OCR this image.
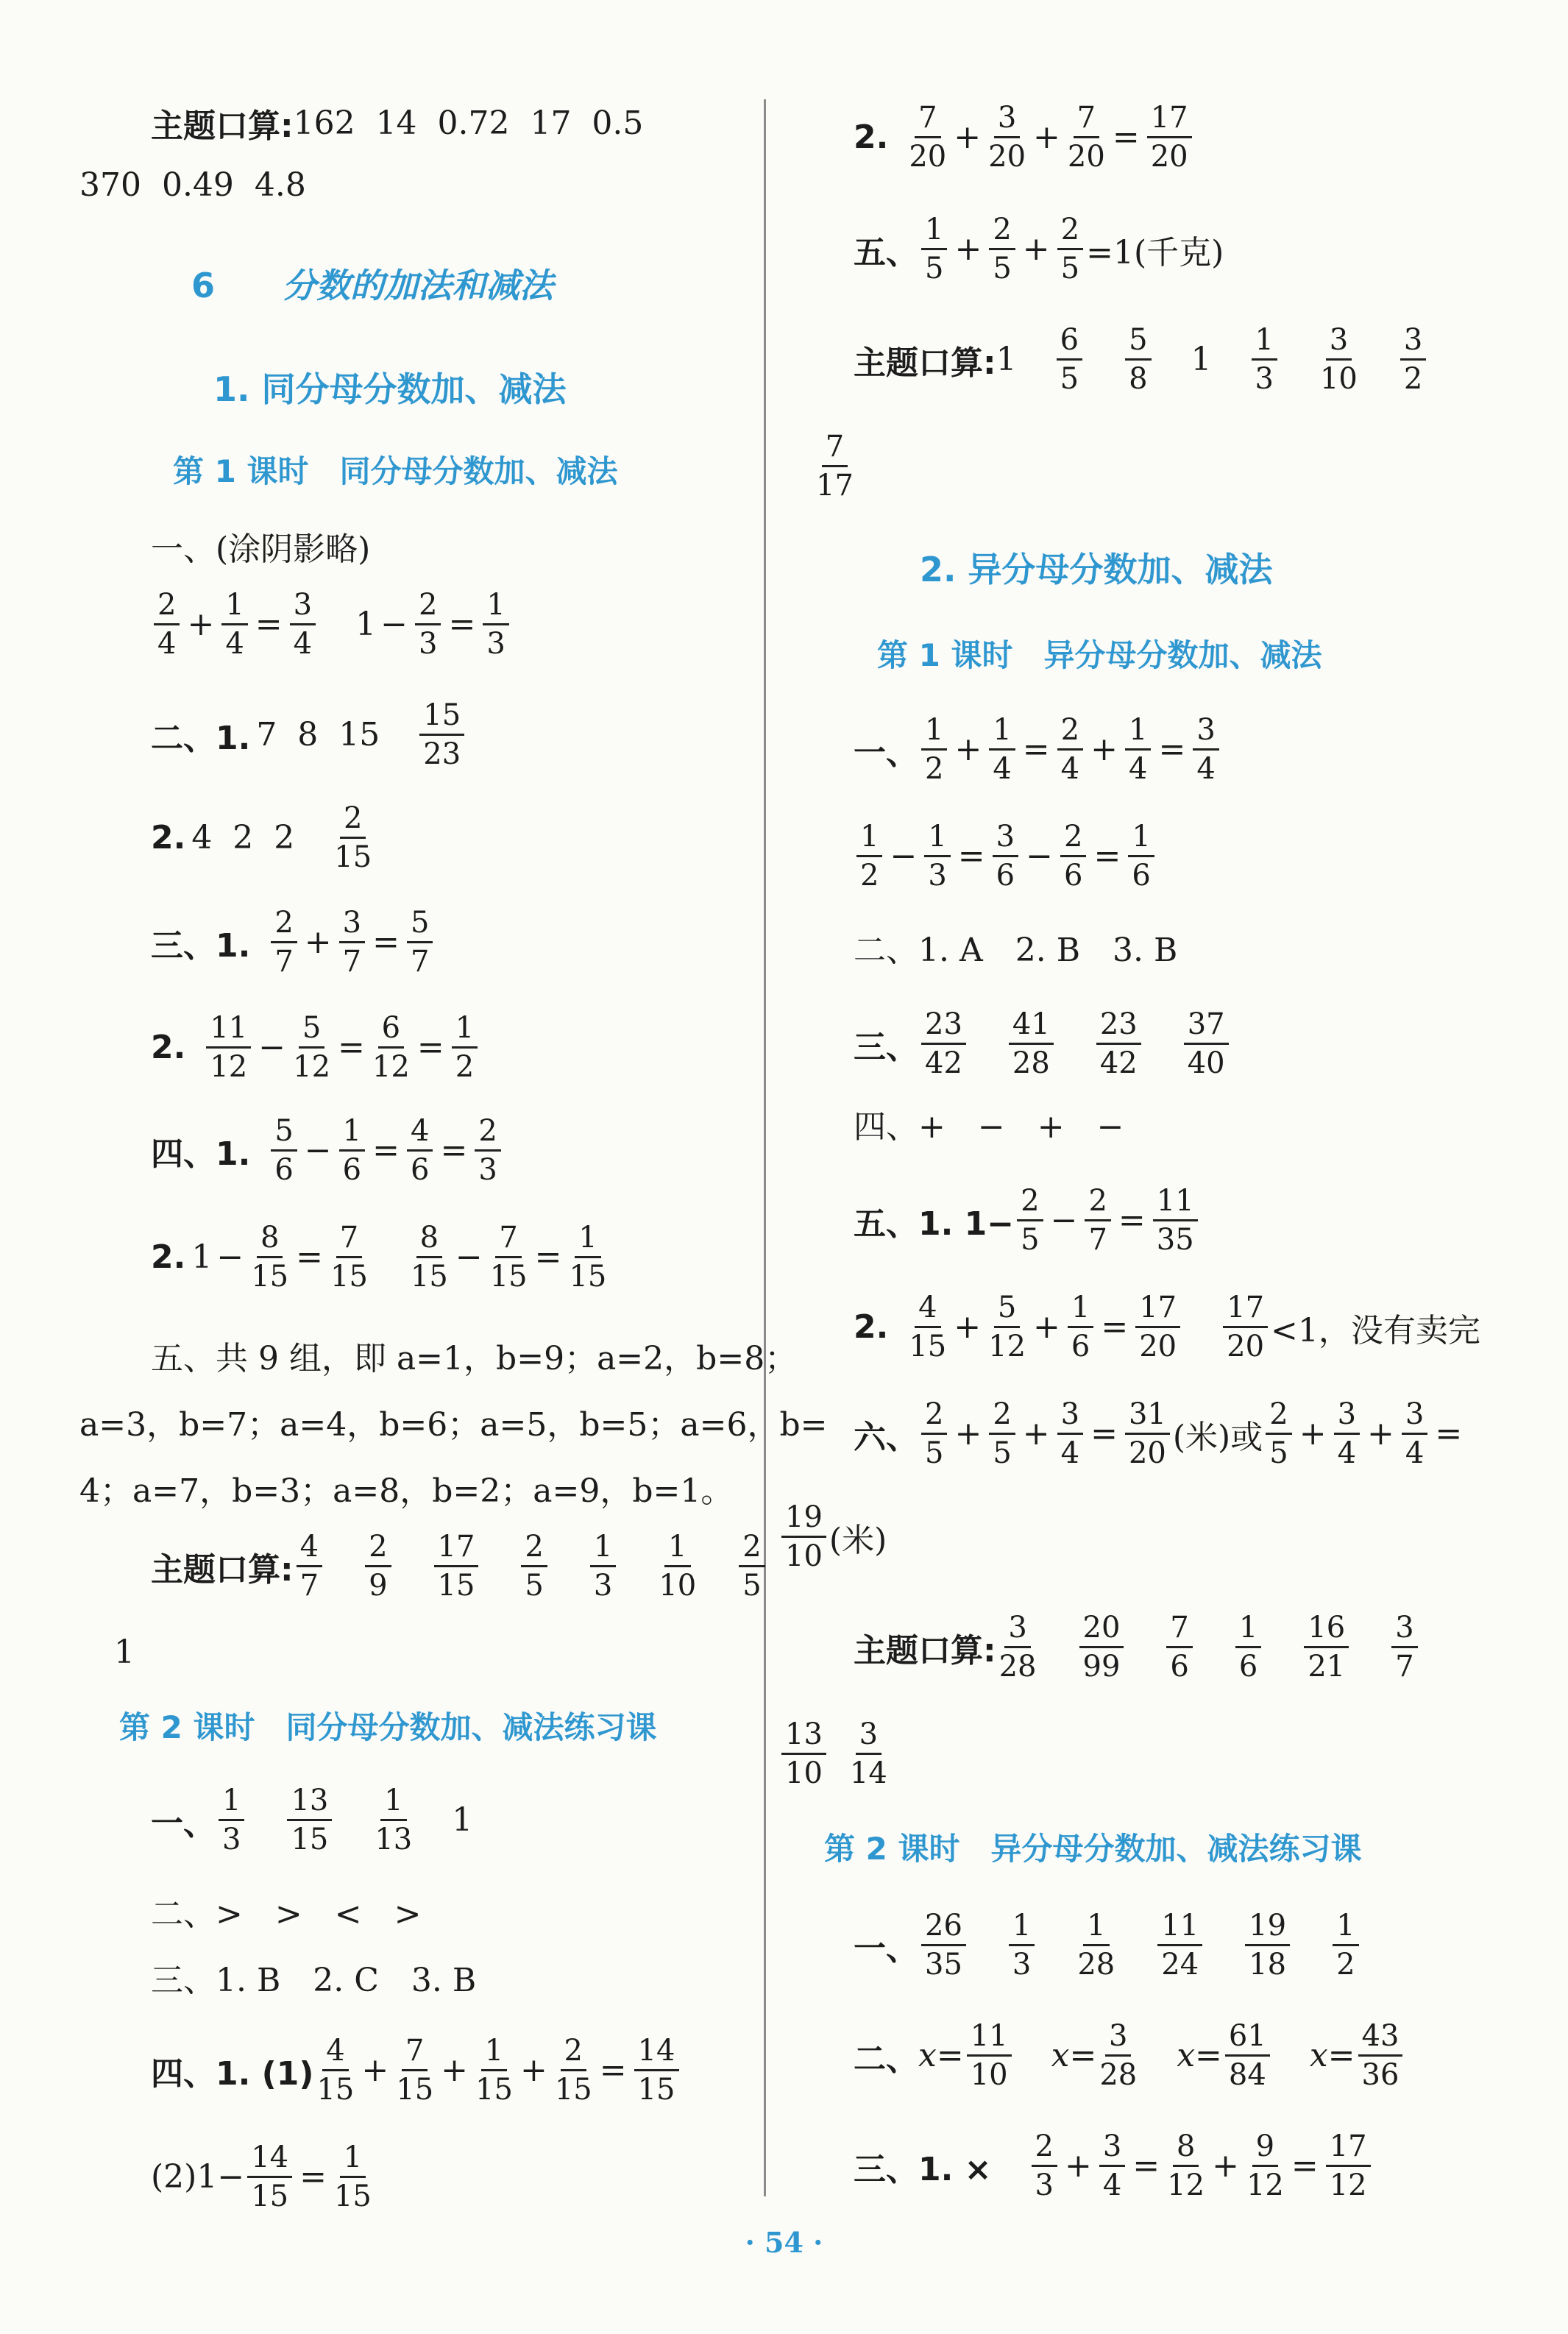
主题口算: 162  14  0.72  17  0.5
370  0.49  4.8
6　　 分数的加法和减法
1. 同分母分数加、减法
第 1 课时　同分母分数加、减法
一、(涂阴影略)
2
4
+ $\frac{1}{4} = \frac{3}{4} 1 - \frac{2}{3} = \frac{1}{3}$
二、1. 7  8  15
15
23
2. 4  2  2
2
15
三、1.
2
7
+ $\frac{3}{7} = \frac{5}{7}$
2.
11
12
− $\frac{5}{12} = \frac{6}{12} = \frac{1}{2}$
四、1.
5
6
− $\frac{1}{6} = \frac{4}{6} = \frac{2}{3}$
2. $1 - \frac{8}{15} = \frac{7}{15} 8$
15
− $\frac{7}{15} = \frac{1}{15}$
五、共 9 组，即 a=1，b=9；a=2，b=8；
a=3，b=7；a=4，b=6；a=5，b=5；a=6，b=
4；a=7，b=3；a=8，b=2；a=9，b=1。
主题口算:
4
7
2
9
17
15
2
5
1
3
1
10
2
5
1
第 2 课时　同分母分数加、减法练习课
一、
1
3
13
15
1
13
1
二、>　>　<　>
三、1. B　2. C　3. B
四、1. (1)
4
15
+ $\frac{7}{15} + \frac{1}{15} + \frac{2}{15} = \frac{14}{15}$
$(2)1- \frac{14}{15} = \frac{1}{15}$
2.
7
20
+ $\frac{3}{20} + \frac{7}{20} = \frac{17}{20}$
五、
1
5
+ $\frac{2}{5} + \frac{2}{5} =1$(千克)
主题口算: 1
6
5
5
8
1
1
3
3
10
3
2
7
17
2. 异分母分数加、减法
第 1 课时　异分母分数加、减法
一、
1
2
+ $\frac{1}{4} = \frac{2}{4} + \frac{1}{4} = \frac{3}{4}$
1
2
− $\frac{1}{3} = \frac{3}{6} - \frac{2}{6} = \frac{1}{6}$
二、1. A　2. B　3. B
三、
23
42
41
28
23
42
37
40
四、+　−　+　−
五、1. $1- \frac{2}{5} - \frac{2}{7} = \frac{11}{35}$
2.
4
15
+ $\frac{5}{12} + \frac{1}{6} = \frac{17}{20} 17$
20 <1，没有卖完
六、
2
5
+ $\frac{2}{5} + \frac{3}{4} = \frac{31}{20}$ (米)或
2
5
+ $\frac{3}{4} + \frac{3}{4}$ =
19
10 (米)
主题口算:
3
28
20
99
7
6
1
6
16
21
3
7
13
10
3
14
第 2 课时　异分母分数加、减法练习课
一、
26
35
1
3
1
28
11
24
19
18
1
2
二、 x =
11
10
x =
3
28
x =
61
84
x =
43
36
三、1. ×
2
3
+ $\frac{3}{4} = \frac{8}{12} + \frac{9}{12} = \frac{17}{12}$
· 54 ·
